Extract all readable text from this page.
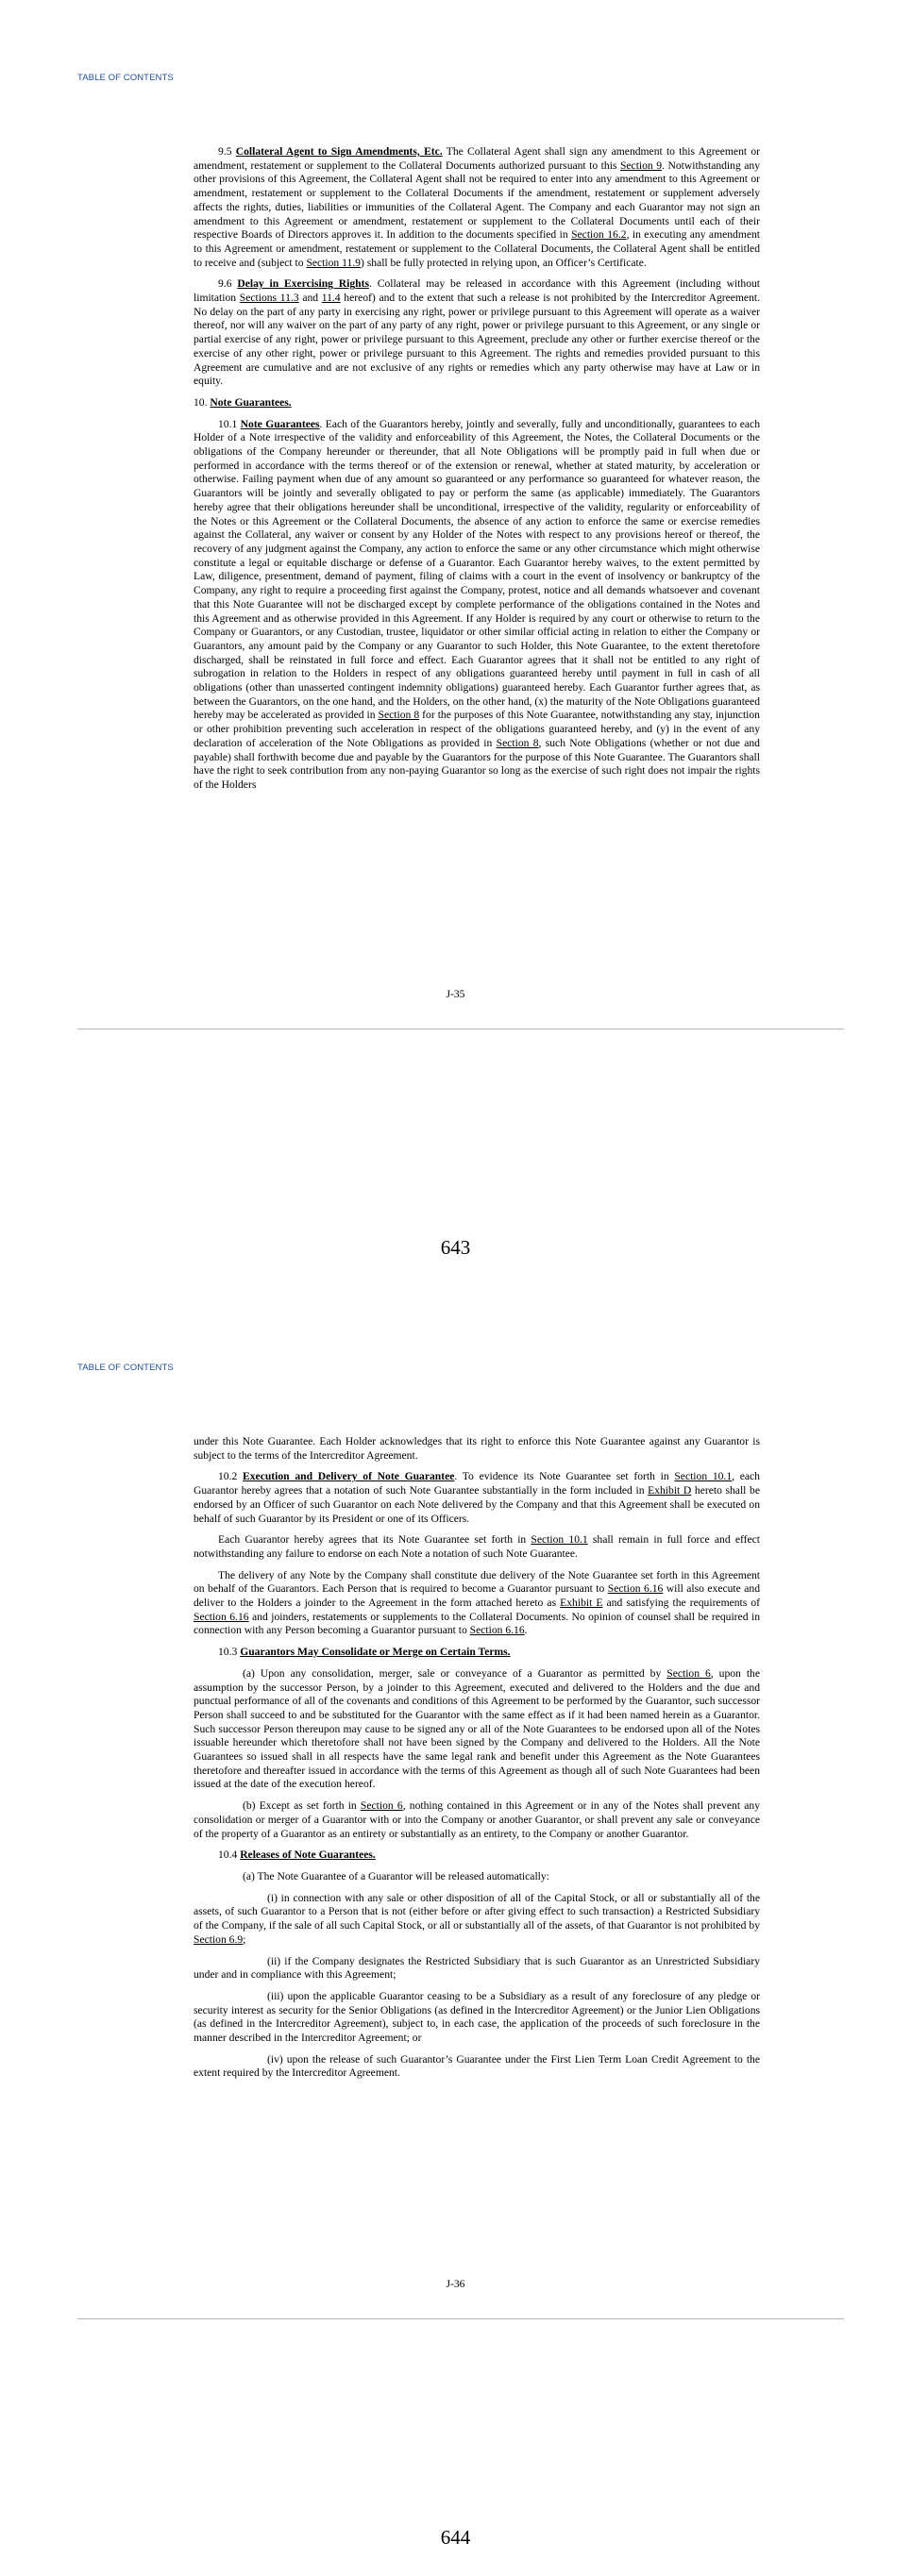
TABLE OF CONTENTS

9.5 Collateral Agent to Sign Amendments, Etc. The Collateral Agent shall sign any amendment to this Agreement or amendment, restatement or supplement to the Collateral Documents authorized pursuant to this Section 9. Notwithstanding any other provisions of this Agreement, the Collateral Agent shall not be required to enter into any amendment to this Agreement or amendment, restatement or supplement to the Collateral Documents if the amendment, restatement or supplement adversely affects the rights, duties, liabilities or immunities of the Collateral Agent. The Company and each Guarantor may not sign an amendment to this Agreement or amendment, restatement or supplement to the Collateral Documents until each of their respective Boards of Directors approves it. In addition to the documents specified in Section 16.2, in executing any amendment to this Agreement or amendment, restatement or supplement to the Collateral Documents, the Collateral Agent shall be entitled to receive and (subject to Section 11.9) shall be fully protected in relying upon, an Officer’s Certificate.

9.6 Delay in Exercising Rights. Collateral may be released in accordance with this Agreement (including without limitation Sections 11.3 and 11.4 hereof) and to the extent that such a release is not prohibited by the Intercreditor Agreement. No delay on the part of any party in exercising any right, power or privilege pursuant to this Agreement will operate as a waiver thereof, nor will any waiver on the part of any party of any right, power or privilege pursuant to this Agreement, or any single or partial exercise of any right, power or privilege pursuant to this Agreement, preclude any other or further exercise thereof or the exercise of any other right, power or privilege pursuant to this Agreement. The rights and remedies provided pursuant to this Agreement are cumulative and are not exclusive of any rights or remedies which any party otherwise may have at Law or in equity.

10. Note Guarantees.

10.1 Note Guarantees. Each of the Guarantors hereby, jointly and severally, fully and unconditionally, guarantees to each Holder of a Note irrespective of the validity and enforceability of this Agreement, the Notes, the Collateral Documents or the obligations of the Company hereunder or thereunder, that all Note Obligations will be promptly paid in full when due or performed in accordance with the terms thereof or of the extension or renewal, whether at stated maturity, by acceleration or otherwise. Failing payment when due of any amount so guaranteed or any performance so guaranteed for whatever reason, the Guarantors will be jointly and severally obligated to pay or perform the same (as applicable) immediately. The Guarantors hereby agree that their obligations hereunder shall be unconditional, irrespective of the validity, regularity or enforceability of the Notes or this Agreement or the Collateral Documents, the absence of any action to enforce the same or exercise remedies against the Collateral, any waiver or consent by any Holder of the Notes with respect to any provisions hereof or thereof, the recovery of any judgment against the Company, any action to enforce the same or any other circumstance which might otherwise constitute a legal or equitable discharge or defense of a Guarantor. Each Guarantor hereby waives, to the extent permitted by Law, diligence, presentment, demand of payment, filing of claims with a court in the event of insolvency or bankruptcy of the Company, any right to require a proceeding first against the Company, protest, notice and all demands whatsoever and covenant that this Note Guarantee will not be discharged except by complete performance of the obligations contained in the Notes and this Agreement and as otherwise provided in this Agreement. If any Holder is required by any court or otherwise to return to the Company or Guarantors, or any Custodian, trustee, liquidator or other similar official acting in relation to either the Company or Guarantors, any amount paid by the Company or any Guarantor to such Holder, this Note Guarantee, to the extent theretofore discharged, shall be reinstated in full force and effect. Each Guarantor agrees that it shall not be entitled to any right of subrogation in relation to the Holders in respect of any obligations guaranteed hereby until payment in full in cash of all obligations (other than unasserted contingent indemnity obligations) guaranteed hereby. Each Guarantor further agrees that, as between the Guarantors, on the one hand, and the Holders, on the other hand, (x) the maturity of the Note Obligations guaranteed hereby may be accelerated as provided in Section 8 for the purposes of this Note Guarantee, notwithstanding any stay, injunction or other prohibition preventing such acceleration in respect of the obligations guaranteed hereby, and (y) in the event of any declaration of acceleration of the Note Obligations as provided in Section 8, such Note Obligations (whether or not due and payable) shall forthwith become due and payable by the Guarantors for the purpose of this Note Guarantee. The Guarantors shall have the right to seek contribution from any non-paying Guarantor so long as the exercise of such right does not impair the rights of the Holders

J-35
643
TABLE OF CONTENTS

under this Note Guarantee. Each Holder acknowledges that its right to enforce this Note Guarantee against any Guarantor is subject to the terms of the Intercreditor Agreement.

10.2 Execution and Delivery of Note Guarantee. To evidence its Note Guarantee set forth in Section 10.1, each Guarantor hereby agrees that a notation of such Note Guarantee substantially in the form included in Exhibit D hereto shall be endorsed by an Officer of such Guarantor on each Note delivered by the Company and that this Agreement shall be executed on behalf of such Guarantor by its President or one of its Officers.

Each Guarantor hereby agrees that its Note Guarantee set forth in Section 10.1 shall remain in full force and effect notwithstanding any failure to endorse on each Note a notation of such Note Guarantee.

The delivery of any Note by the Company shall constitute due delivery of the Note Guarantee set forth in this Agreement on behalf of the Guarantors. Each Person that is required to become a Guarantor pursuant to Section 6.16 will also execute and deliver to the Holders a joinder to the Agreement in the form attached hereto as Exhibit E and satisfying the requirements of Section 6.16 and joinders, restatements or supplements to the Collateral Documents. No opinion of counsel shall be required in connection with any Person becoming a Guarantor pursuant to Section 6.16.

10.3 Guarantors May Consolidate or Merge on Certain Terms.

(a) Upon any consolidation, merger, sale or conveyance of a Guarantor as permitted by Section 6, upon the assumption by the successor Person, by a joinder to this Agreement, executed and delivered to the Holders and the due and punctual performance of all of the covenants and conditions of this Agreement to be performed by the Guarantor, such successor Person shall succeed to and be substituted for the Guarantor with the same effect as if it had been named herein as a Guarantor. Such successor Person thereupon may cause to be signed any or all of the Note Guarantees to be endorsed upon all of the Notes issuable hereunder which theretofore shall not have been signed by the Company and delivered to the Holders. All the Note Guarantees so issued shall in all respects have the same legal rank and benefit under this Agreement as the Note Guarantees theretofore and thereafter issued in accordance with the terms of this Agreement as though all of such Note Guarantees had been issued at the date of the execution hereof.

(b) Except as set forth in Section 6, nothing contained in this Agreement or in any of the Notes shall prevent any consolidation or merger of a Guarantor with or into the Company or another Guarantor, or shall prevent any sale or conveyance of the property of a Guarantor as an entirety or substantially as an entirety, to the Company or another Guarantor.

10.4 Releases of Note Guarantees.

(a) The Note Guarantee of a Guarantor will be released automatically:

(i) in connection with any sale or other disposition of all of the Capital Stock, or all or substantially all of the assets, of such Guarantor to a Person that is not (either before or after giving effect to such transaction) a Restricted Subsidiary of the Company, if the sale of all such Capital Stock, or all or substantially all of the assets, of that Guarantor is not prohibited by Section 6.9;

(ii) if the Company designates the Restricted Subsidiary that is such Guarantor as an Unrestricted Subsidiary under and in compliance with this Agreement;

(iii) upon the applicable Guarantor ceasing to be a Subsidiary as a result of any foreclosure of any pledge or security interest as security for the Senior Obligations (as defined in the Intercreditor Agreement) or the Junior Lien Obligations (as defined in the Intercreditor Agreement), subject to, in each case, the application of the proceeds of such foreclosure in the manner described in the Intercreditor Agreement; or

(iv) upon the release of such Guarantor’s Guarantee under the First Lien Term Loan Credit Agreement to the extent required by the Intercreditor Agreement.

J-36
644
